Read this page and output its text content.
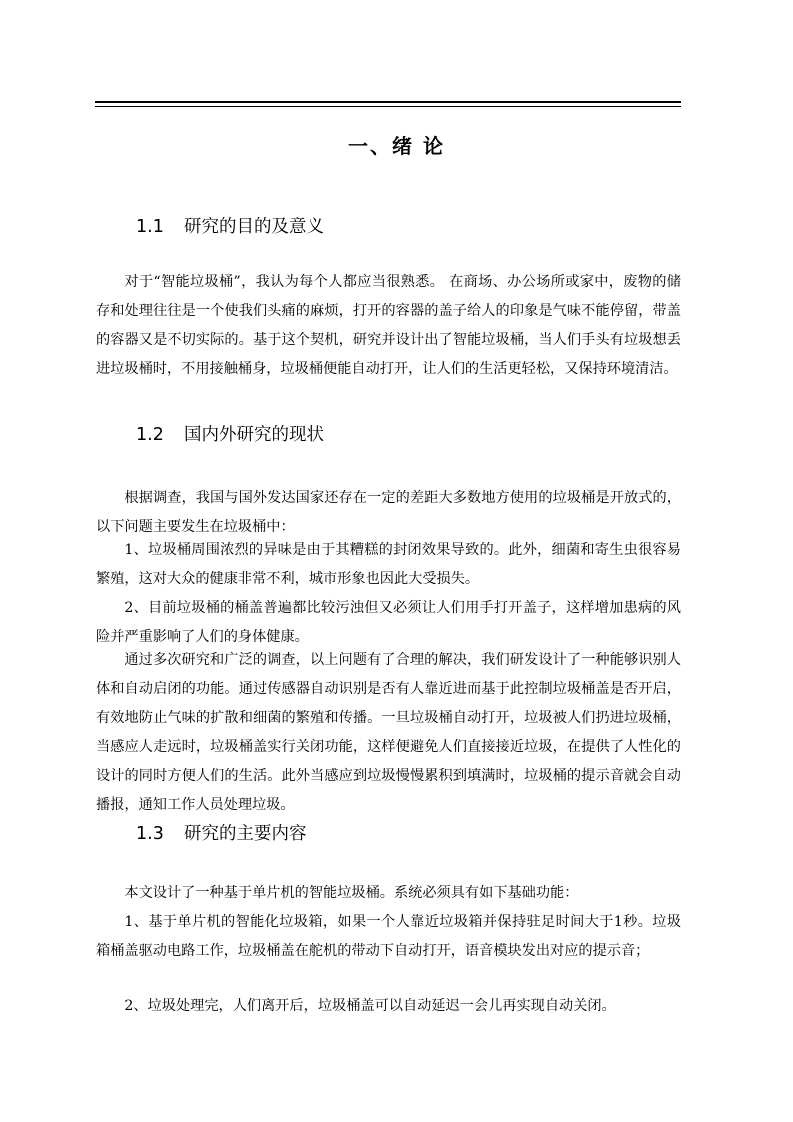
一、绪 论
1.1 研究的目的及意义

对于“智能垃圾桶”，我认为每个人都应当很熟悉。 在商场、办公场所或家中，废物的储存和处理往往是一个使我们头痛的麻烦，打开的容器的盖子给人的印象是气味不能停留，带盖的容器又是不切实际的。基于这个契机，研究并设计出了智能垃圾桶，当人们手头有垃圾想丢进垃圾桶时，不用接触桶身，垃圾桶便能自动打开，让人们的生活更轻松，又保持环境清洁。

1.2 国内外研究的现状

根据调查，我国与国外发达国家还存在一定的差距大多数地方使用的垃圾桶是开放式的，以下问题主要发生在垃圾桶中：

1、垃圾桶周围浓烈的异味是由于其糟糕的封闭效果导致的。此外，细菌和寄生虫很容易繁殖，这对大众的健康非常不利，城市形象也因此大受损失。

2、目前垃圾桶的桶盖普遍都比较污浊但又必须让人们用手打开盖子，这样增加患病的风险并严重影响了人们的身体健康。

通过多次研究和广泛的调查，以上问题有了合理的解决，我们研发设计了一种能够识别人体和自动启闭的功能。通过传感器自动识别是否有人靠近进而基于此控制垃圾桶盖是否开启，有效地防止气味的扩散和细菌的繁殖和传播。一旦垃圾桶自动打开，垃圾被人们扔进垃圾桶，当感应人走远时，垃圾桶盖实行关闭功能，这样便避免人们直接接近垃圾，在提供了人性化的设计的同时方便人们的生活。此外当感应到垃圾慢慢累积到填满时，垃圾桶的提示音就会自动播报，通知工作人员处理垃圾。

1.3 研究的主要内容

本文设计了一种基于单片机的智能垃圾桶。系统必须具有如下基础功能：

1、基于单片机的智能化垃圾箱，如果一个人靠近垃圾箱并保持驻足时间大于1秒。垃圾箱桶盖驱动电路工作，垃圾桶盖在舵机的带动下自动打开，语音模块发出对应的提示音；

2、垃圾处理完，人们离开后，垃圾桶盖可以自动延迟一会儿再实现自动关闭。
